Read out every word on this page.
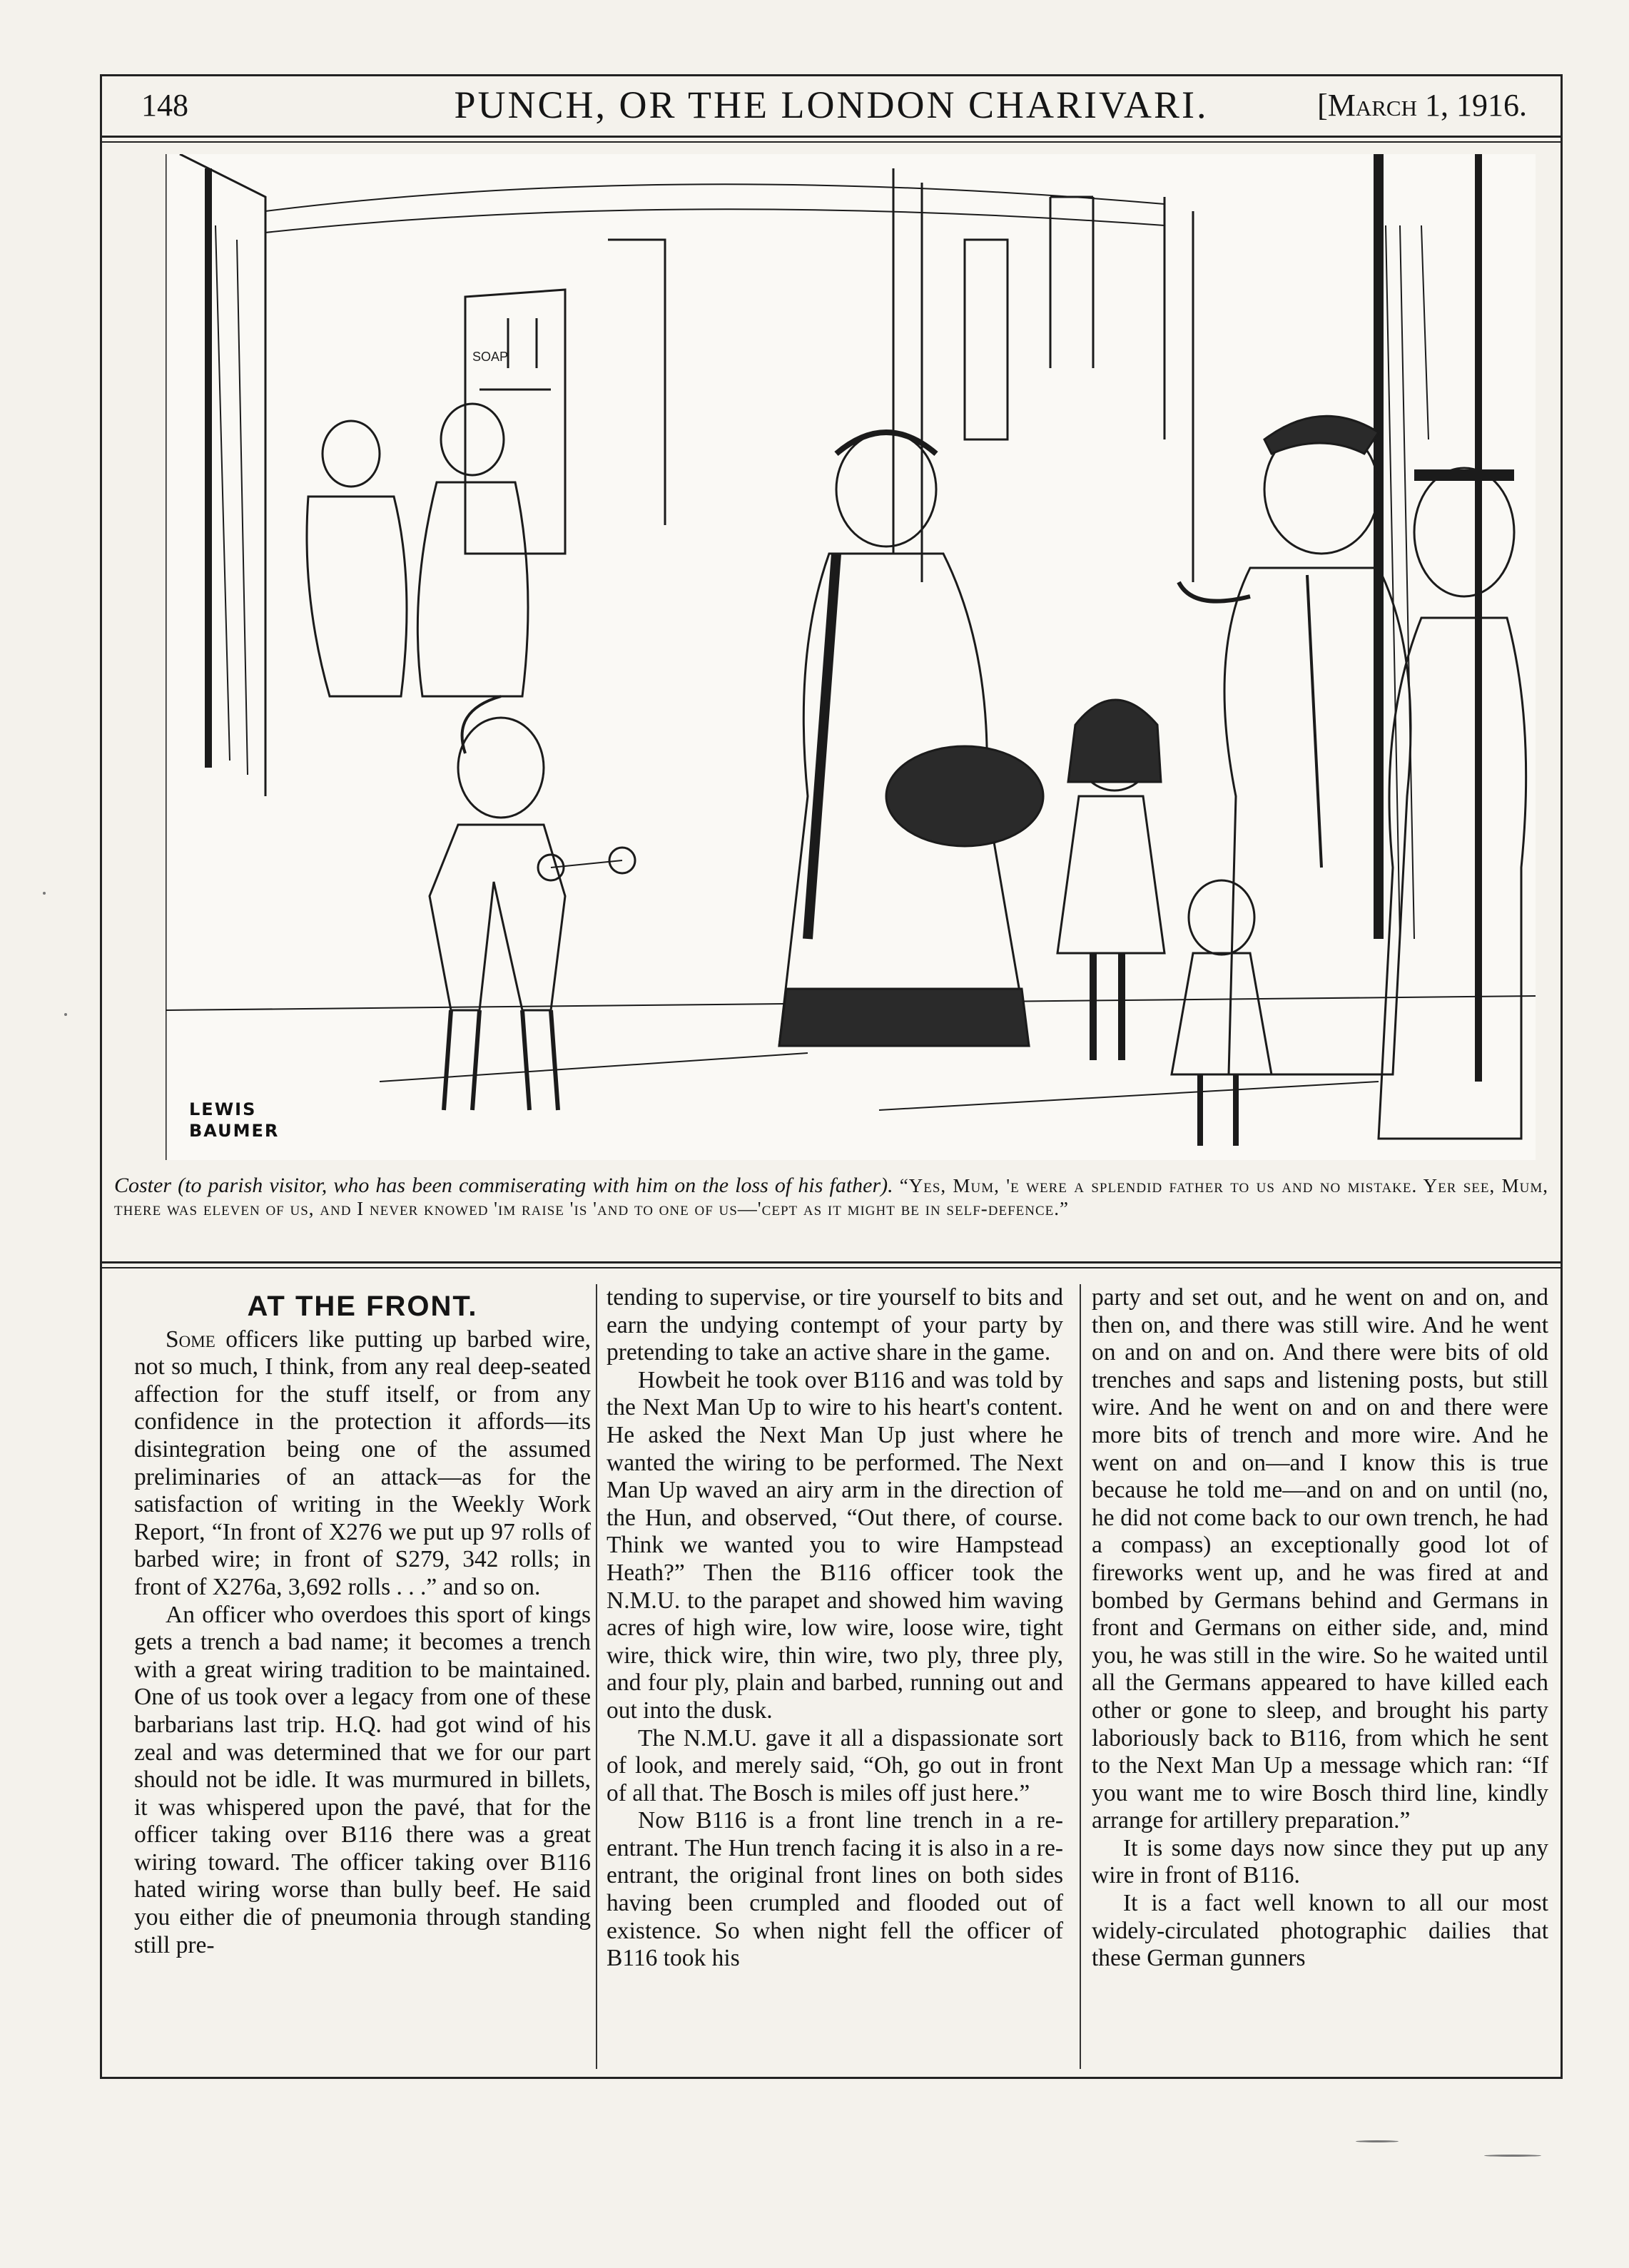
148	PUNCH, OR THE LONDON CHARIVARI.	[March 1, 1916.
SOAP
LEWIS
BAUMER
Coster (to parish visitor, who has been commiserating with him on the loss of his father). “Yes, Mum, 'e were a splendid father to us and no mistake. Yer see, Mum, there was eleven of us, and I never knowed 'im raise 'is 'and to one of us—'cept as it might be in self-defence.”
AT THE FRONT.

Some officers like putting up barbed wire, not so much, I think, from any real deep-seated affection for the stuff itself, or from any confidence in the protection it affords—its disintegration being one of the assumed preliminaries of an attack—as for the satisfaction of writing in the Weekly Work Report, “In front of X276 we put up 97 rolls of barbed wire; in front of S279, 342 rolls; in front of X276a, 3,692 rolls . . .” and so on.

An officer who overdoes this sport of kings gets a trench a bad name; it becomes a trench with a great wiring tradition to be maintained. One of us took over a legacy from one of these barbarians last trip. H.Q. had got wind of his zeal and was determined that we for our part should not be idle. It was murmured in billets, it was whispered upon the pavé, that for the officer taking over B116 there was a great wiring toward. The officer taking over B116 hated wiring worse than bully beef. He said you either die of pneumonia through standing still pre-

tending to supervise, or tire yourself to bits and earn the undying contempt of your party by pretending to take an active share in the game.

Howbeit he took over B116 and was told by the Next Man Up to wire to his heart's content. He asked the Next Man Up just where he wanted the wiring to be performed. The Next Man Up waved an airy arm in the direction of the Hun, and observed, “Out there, of course. Think we wanted you to wire Hampstead Heath?” Then the B116 officer took the N.M.U. to the parapet and showed him waving acres of high wire, low wire, loose wire, tight wire, thick wire, thin wire, two ply, three ply, and four ply, plain and barbed, running out and out into the dusk.

The N.M.U. gave it all a dispassionate sort of look, and merely said, “Oh, go out in front of all that. The Bosch is miles off just here.”

Now B116 is a front line trench in a re-entrant. The Hun trench facing it is also in a re-entrant, the original front lines on both sides having been crumpled and flooded out of existence. So when night fell the officer of B116 took his

party and set out, and he went on and on, and then on, and there was still wire. And he went on and on and on. And there were bits of old trenches and saps and listening posts, but still wire. And he went on and on and there were more bits of trench and more wire. And he went on and on—and I know this is true because he told me—and on and on until (no, he did not come back to our own trench, he had a compass) an exceptionally good lot of fireworks went up, and he was fired at and bombed by Germans behind and Germans in front and Germans on either side, and, mind you, he was still in the wire. So he waited until all the Germans appeared to have killed each other or gone to sleep, and brought his party laboriously back to B116, from which he sent to the Next Man Up a message which ran: “If you want me to wire Bosch third line, kindly arrange for artillery preparation.”

It is some days now since they put up any wire in front of B116.

It is a fact well known to all our most widely-circulated photographic dailies that these German gunners
